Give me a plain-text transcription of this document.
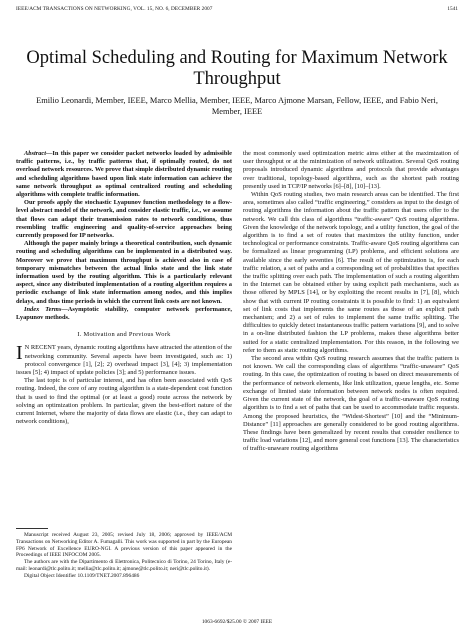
IEEE/ACM TRANSACTIONS ON NETWORKING, VOL. 15, NO. 6, DECEMBER 2007	1541
Optimal Scheduling and Routing for Maximum Network Throughput
Emilio Leonardi, Member, IEEE, Marco Mellia, Member, IEEE, Marco Ajmone Marsan, Fellow, IEEE, and Fabio Neri, Member, IEEE

Abstract—In this paper we consider packet networks loaded by admissible traffic patterns, i.e., by traffic patterns that, if optimally routed, do not overload network resources. We prove that simple distributed dynamic routing and scheduling algorithms based upon link state information can achieve the same network throughput as optimal centralized routing and scheduling algorithms with complete traffic information.

Our proofs apply the stochastic Lyapunov function methodology to a flow-level abstract model of the network, and consider elastic traffic, i.e., we assume that flows can adapt their transmission rates to network conditions, thus resembling traffic engineering and quality-of-service approaches being currently proposed for IP networks.

Although the paper mainly brings a theoretical contribution, such dynamic routing and scheduling algorithms can be implemented in a distributed way. Moreover we prove that maximum throughput is achieved also in case of temporary mismatches between the actual links state and the link state information used by the routing algorithm. This is a particularly relevant aspect, since any distributed implementation of a routing algorithm requires a periodic exchange of link state information among nodes, and this implies delays, and thus time periods in which the current link costs are not known.

Index Terms—Asymptotic stability, computer network performance, Lyapunov methods.

I. Motivation and Previous Work

I N RECENT years, dynamic routing algorithms have attracted the attention of the networking community. Several aspects have been investigated, such as: 1) protocol convergence [1], [2]; 2) overhead impact [3], [4]; 3) implementation issues [5]; 4) impact of update policies [3]; and 5) performance issues.

The last topic is of particular interest, and has often been associated with QoS routing. Indeed, the core of any routing algorithm is a state-dependent cost function that is used to find the optimal (or at least a good) route across the network by solving an optimization problem. In particular, given the best-effort nature of the current Internet, where the majority of data flows are elastic (i.e., they can adapt to network conditions),

Manuscript received August 23, 2005; revised July 18, 2006; approved by IEEE/ACM Transactions on Networking Editor A. Fumagalli. This work was supported in part by the European FP6 Network of Excellence EURO-NGI. A previous version of this paper appeared in the Proceedings of IEEE INFOCOM 2005.

The authors are with the Dipartimento di Elettronica, Politecnico di Torino, 24 Torino, Italy (e-mail: leonardi@tlc.polito.it; mellia@tlc.polito.it; ajmone@tlc.polito.it; neri@tlc.polito.it).

Digital Object Identifier 10.1109/TNET.2007.896486

the most commonly used optimization metric aims either at the maximization of user throughput or at the minimization of network utilization. Several QoS routing proposals introduced dynamic algorithms and protocols that provide advantages over traditional, topology-based algorithms, such as the shortest path routing presently used in TCP/IP networks [6]–[8], [10]–[13].

Within QoS routing studies, two main research areas can be identified. The first area, sometimes also called “traffic engineering,” considers as input to the design of routing algorithms the information about the traffic pattern that users offer to the network. We call this class of algorithms “traffic-aware” QoS routing algorithms. Given the knowledge of the network topology, and a utility function, the goal of the algorithm is to find a set of routes that maximizes the utility function, under technological or performance constraints. Traffic-aware QoS routing algorithms can be formalized as linear programming (LP) problems, and efficient solutions are available since the early seventies [6]. The result of the optimization is, for each traffic relation, a set of paths and a corresponding set of probabilities that specifies the traffic splitting over each path. The implementation of such a routing algorithm in the Internet can be obtained either by using explicit path mechanisms, such as those offered by MPLS [14], or by exploiting the recent results in [7], [8], which show that with current IP routing constraints it is possible to find: 1) an equivalent set of link costs that implements the same routes as those of an explicit path mechanism; and 2) a set of rules to implement the same traffic splitting. The difficulties to quickly detect instantaneous traffic pattern variations [9], and to solve in a on-line distributed fashion the LP problems, makes these algorithms better suited for a static centralized implementation. For this reason, in the following we refer to them as static routing algorithms.

The second area within QoS routing research assumes that the traffic pattern is not known. We call the corresponding class of algorithms “traffic-unaware” QoS routing. In this case, the optimization of routing is based on direct measurements of the performance of network elements, like link utilization, queue lengths, etc. Some exchange of limited state information between network nodes is often required. Given the current state of the network, the goal of a traffic-unaware QoS routing algorithm is to find a set of paths that can be used to accommodate traffic requests. Among the proposed heuristics, the “Widest-Shortest” [10] and the “Minimum-Distance” [11] approaches are generally considered to be good routing algorithms. These findings have been generalized by recent results that consider resilience to traffic load variations [12], and more general cost functions [13]. The characteristics of traffic-unaware routing algorithms

1063-6692/$25.00 © 2007 IEEE
